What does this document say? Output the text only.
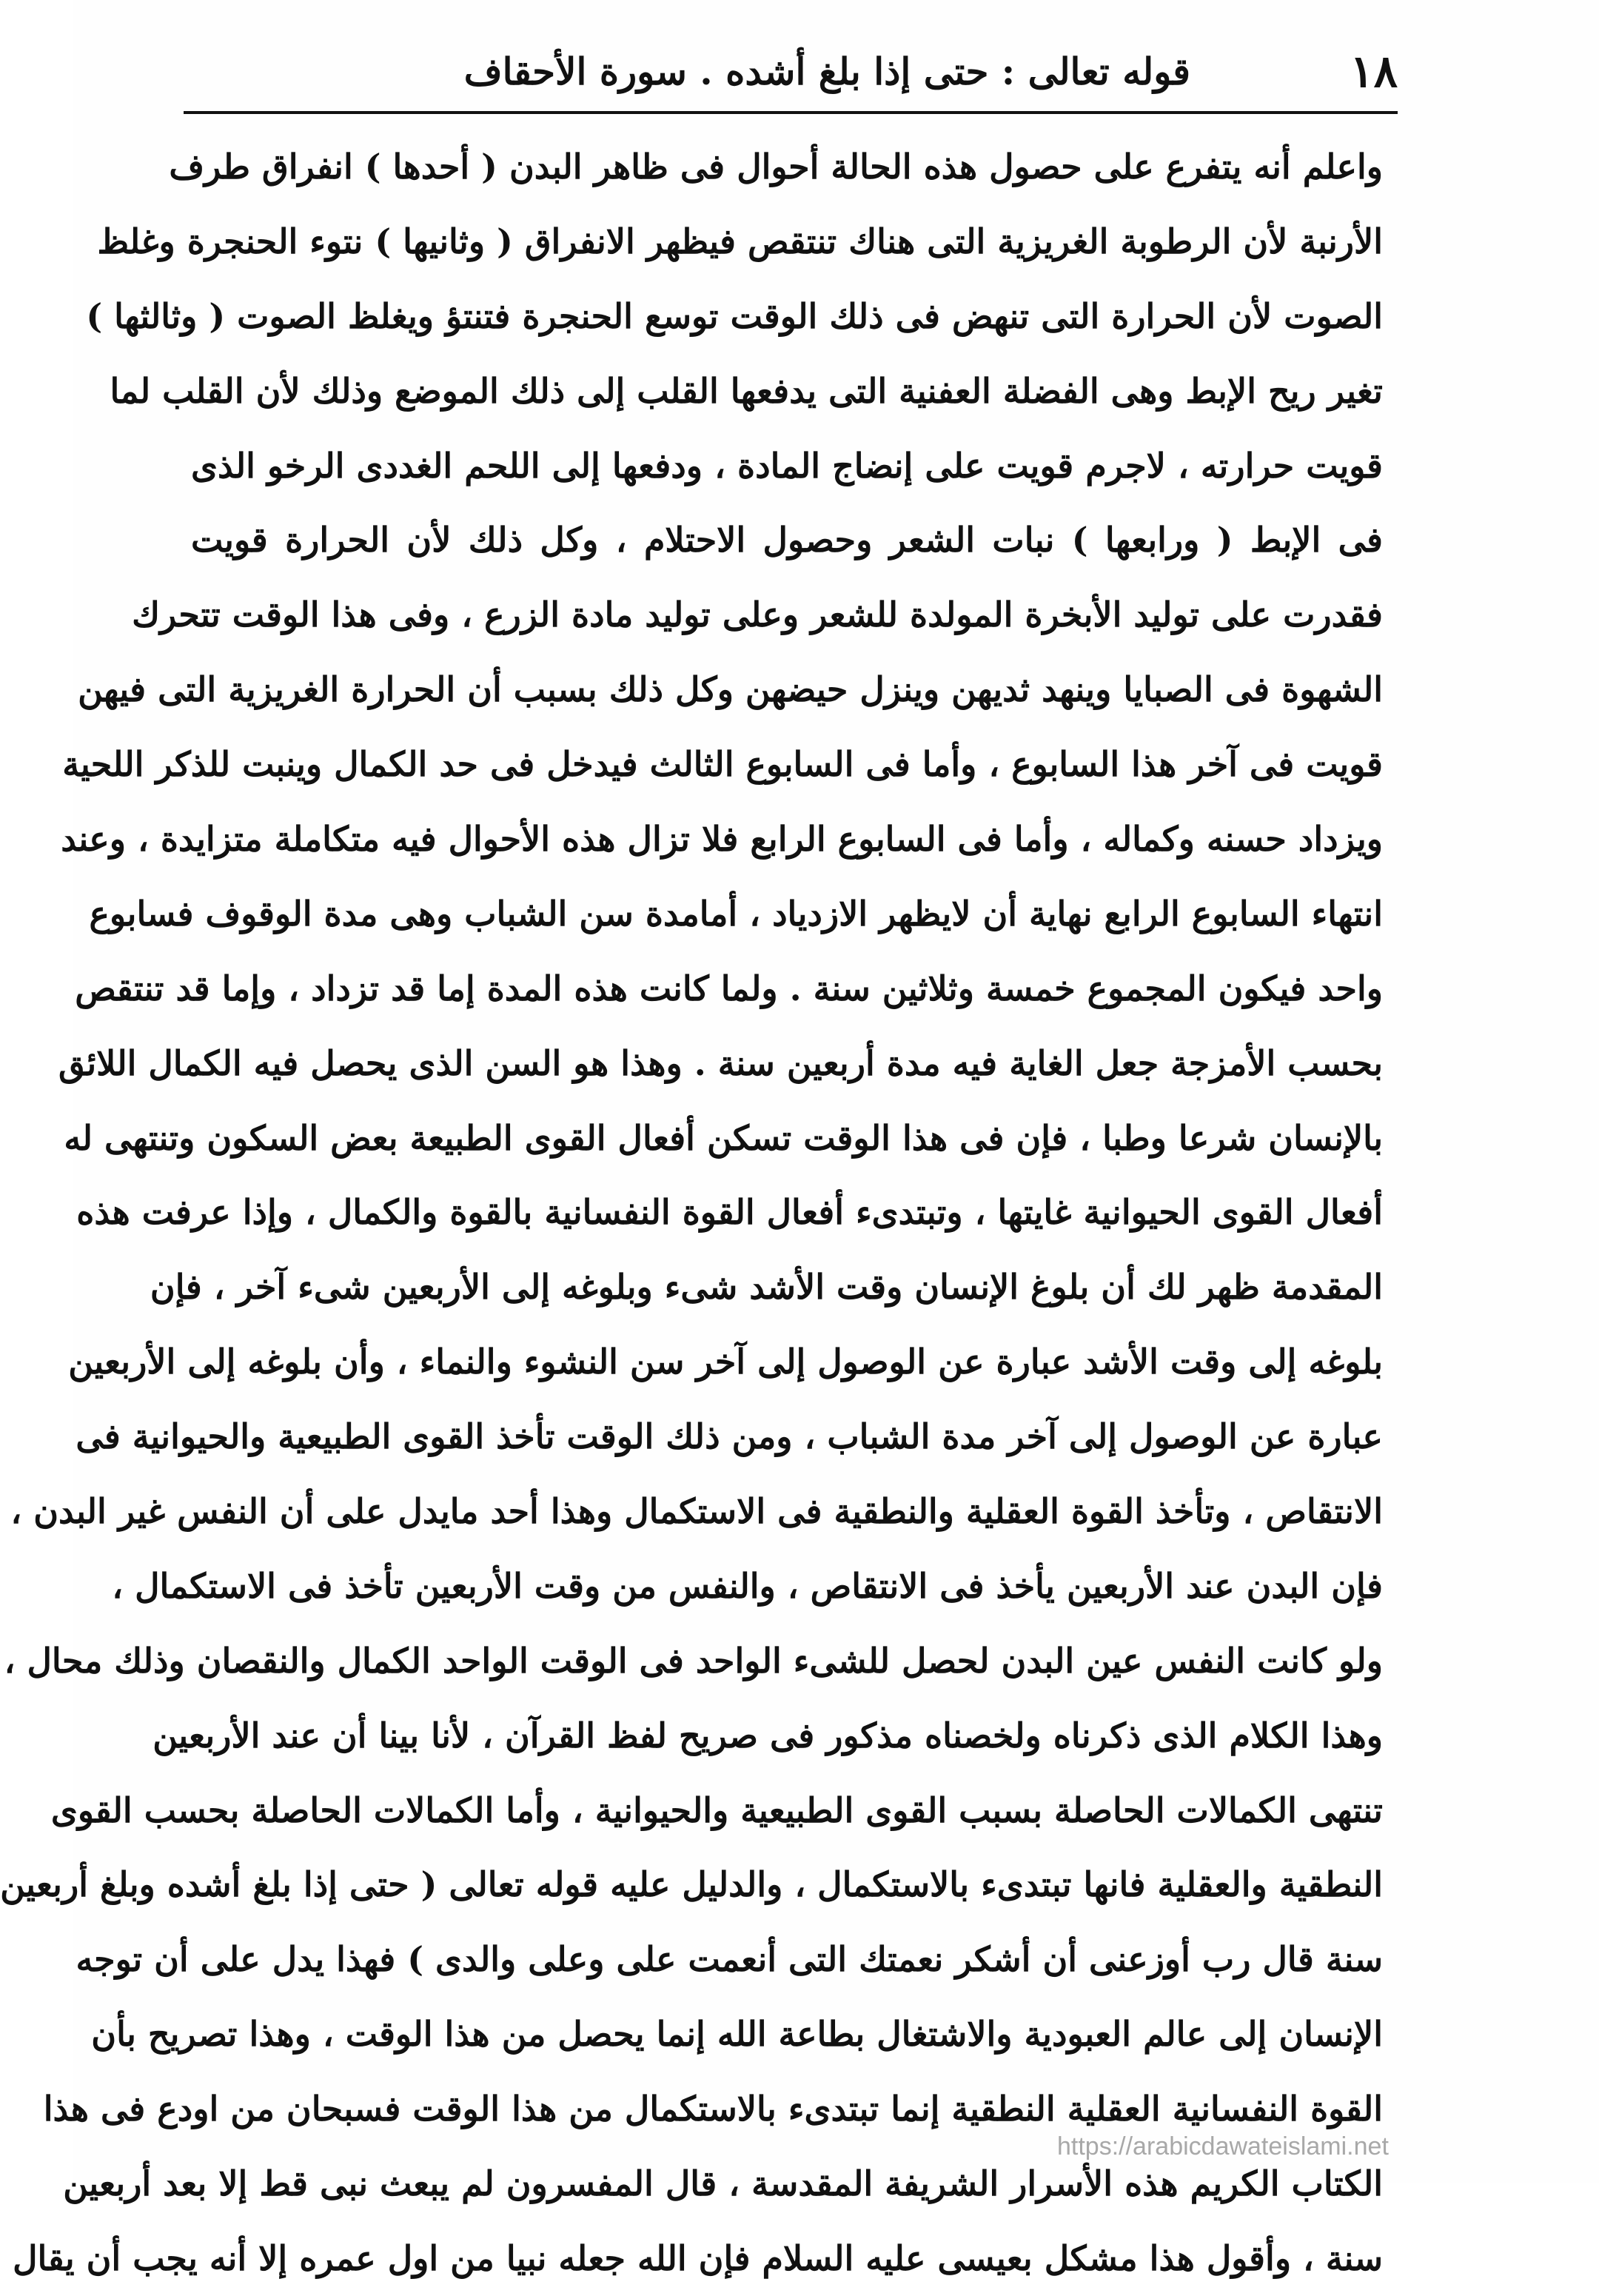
١٨
قوله تعالى : حتى إذا بلغ أشده . سورة الأحقاف
واعلم أنه يتفرع على حصول هذه الحالة أحوال فى ظاهر البدن ( أحدها ) انفراق طرف
الأرنبة لأن الرطوبة الغريزية التى هناك تنتقص فيظهر الانفراق ( وثانيها ) نتوء الحنجرة وغلظ
الصوت لأن الحرارة التى تنهض فى ذلك الوقت توسع الحنجرة فتنتؤ ويغلظ الصوت ( وثالثها )
تغير ريح الإبط وهى الفضلة العفنية التى يدفعها القلب إلى ذلك الموضع وذلك لأن القلب لما
قويت حرارته ، لاجرم قويت على إنضاج المادة ، ودفعها إلى اللحم الغددى الرخو الذى
فى الإبط ( ورابعها ) نبات الشعر وحصول الاحتلام ، وكل ذلك لأن الحرارة قويت
فقدرت على توليد الأبخرة المولدة للشعر وعلى توليد مادة الزرع ، وفى هذا الوقت تتحرك
الشهوة فى الصبايا وينهد ثديهن وينزل حيضهن وكل ذلك بسبب أن الحرارة الغريزية التى فيهن
قويت فى آخر هذا السابوع ، وأما فى السابوع الثالث فيدخل فى حد الكمال وينبت للذكر اللحية
ويزداد حسنه وكماله ، وأما فى السابوع الرابع فلا تزال هذه الأحوال فيه متكاملة متزايدة ، وعند
انتهاء السابوع الرابع نهاية أن لايظهر الازدياد ، أمامدة سن الشباب وهى مدة الوقوف فسابوع
واحد فيكون المجموع خمسة وثلاثين سنة . ولما كانت هذه المدة إما قد تزداد ، وإما قد تنتقص
بحسب الأمزجة جعل الغاية فيه مدة أربعين سنة . وهذا هو السن الذى يحصل فيه الكمال اللائق
بالإنسان شرعا وطبا ، فإن فى هذا الوقت تسكن أفعال القوى الطبيعة بعض السكون وتنتهى له
أفعال القوى الحيوانية غايتها ، وتبتدىء أفعال القوة النفسانية بالقوة والكمال ، وإذا عرفت هذه
المقدمة ظهر لك أن بلوغ الإنسان وقت الأشد شىء وبلوغه إلى الأربعين شىء آخر ، فإن
بلوغه إلى وقت الأشد عبارة عن الوصول إلى آخر سن النشوء والنماء ، وأن بلوغه إلى الأربعين
عبارة عن الوصول إلى آخر مدة الشباب ، ومن ذلك الوقت تأخذ القوى الطبيعية والحيوانية فى
الانتقاص ، وتأخذ القوة العقلية والنطقية فى الاستكمال وهذا أحد مايدل على أن النفس غير البدن ،
فإن البدن عند الأربعين يأخذ فى الانتقاص ، والنفس من وقت الأربعين تأخذ فى الاستكمال ،
ولو كانت النفس عين البدن لحصل للشىء الواحد فى الوقت الواحد الكمال والنقصان وذلك محال ،
وهذا الكلام الذى ذكرناه ولخصناه مذكور فى صريح لفظ القرآن ، لأنا بينا أن عند الأربعين
تنتهى الكمالات الحاصلة بسبب القوى الطبيعية والحيوانية ، وأما الكمالات الحاصلة بحسب القوى
النطقية والعقلية فانها تبتدىء بالاستكمال ، والدليل عليه قوله تعالى ( حتى إذا بلغ أشده وبلغ أربعين
سنة قال رب أوزعنى أن أشكر نعمتك التى أنعمت على وعلى والدى ) فهذا يدل على أن توجه
الإنسان إلى عالم العبودية والاشتغال بطاعة الله إنما يحصل من هذا الوقت ، وهذا تصريح بأن
القوة النفسانية العقلية النطقية إنما تبتدىء بالاستكمال من هذا الوقت فسبحان من اودع فى هذا
الكتاب الكريم هذه الأسرار الشريفة المقدسة ، قال المفسرون لم يبعث نبى قط إلا بعد أربعين
سنة ، وأقول هذا مشكل بعيسى عليه السلام فإن الله جعله نبيا من اول عمره إلا أنه يجب أن يقال
https://arabicdawateislami.net
